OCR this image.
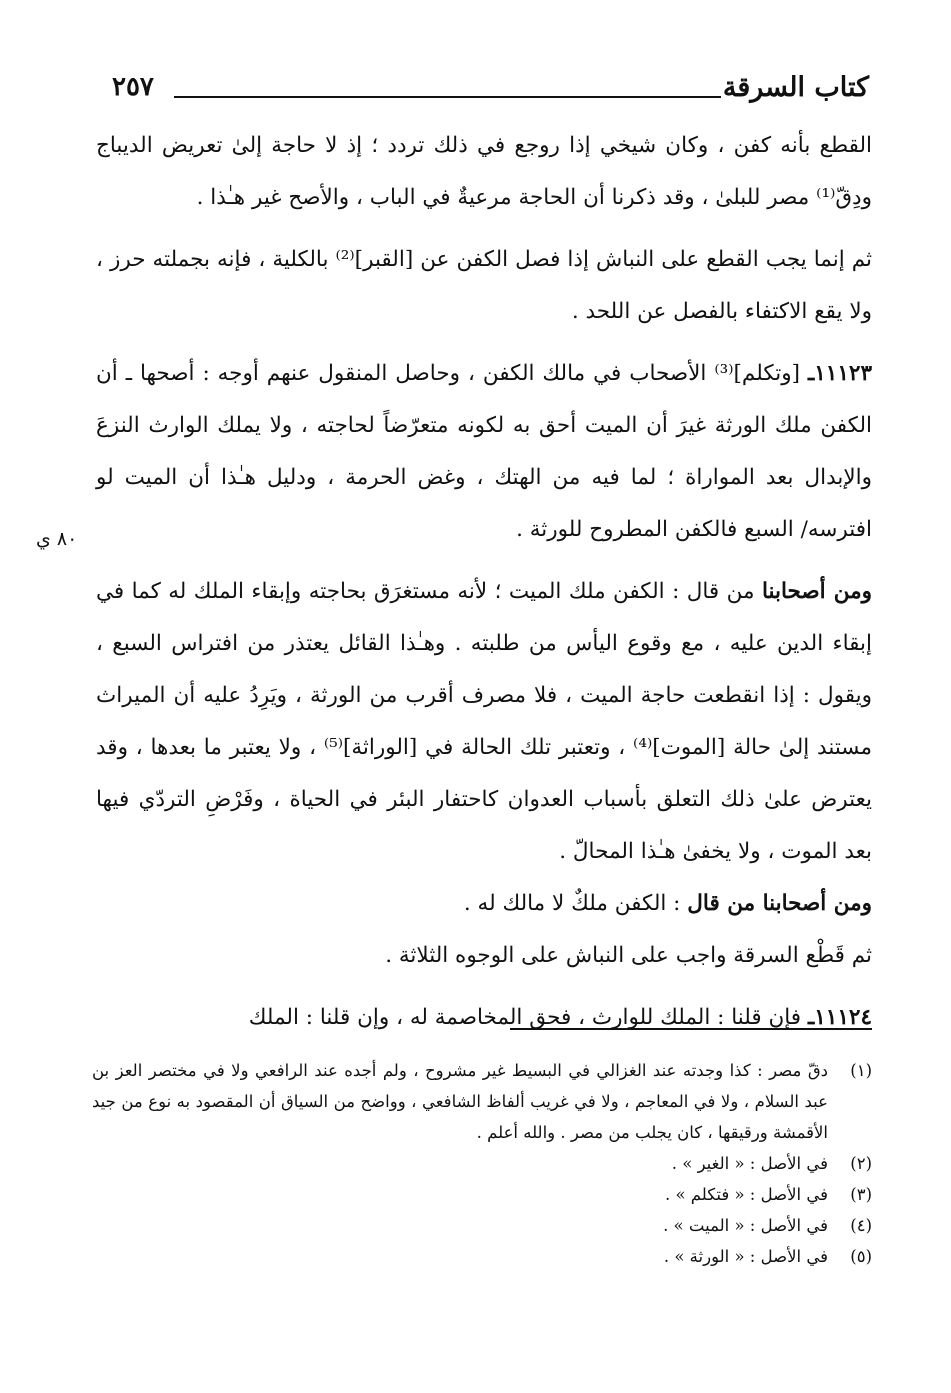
كتاب السرقة
٢٥٧
٨٠ ي

القطع بأنه كفن ، وكان شيخي إذا روجع في ذلك تردد ؛ إذ لا حاجة إلىٰ تعريض الديباج ودِقّ⁽¹⁾ مصر للبلىٰ ، وقد ذكرنا أن الحاجة مرعيةٌ في الباب ، والأصح غير هـٰذا .

ثم إنما يجب القطع على النباش إذا فصل الكفن عن [القبر]⁽²⁾ بالكلية ، فإنه بجملته حرز ، ولا يقع الاكتفاء بالفصل عن اللحد .

١١١٢٣ـ [وتكلم]⁽³⁾ الأصحاب في مالك الكفن ، وحاصل المنقول عنهم أوجه : أصحها ـ أن الكفن ملك الورثة غيرَ أن الميت أحق به لكونه متعرّضاً لحاجته ، ولا يملك الوارث النزعَ والإبدال بعد المواراة ؛ لما فيه من الهتك ، وغض الحرمة ، ودليل هـٰذا أن الميت لو افترسه/ السبع فالكفن المطروح للورثة .

ومن أصحابنا من قال : الكفن ملك الميت ؛ لأنه مستغرَق بحاجته وإبقاء الملك له كما في إبقاء الدين عليه ، مع وقوع اليأس من طلبته . وهـٰذا القائل يعتذر من افتراس السبع ، ويقول : إذا انقطعت حاجة الميت ، فلا مصرف أقرب من الورثة ، ويَرِدُ عليه أن الميراث مستند إلىٰ حالة [الموت]⁽⁴⁾ ، وتعتبر تلك الحالة في [الوراثة]⁽⁵⁾ ، ولا يعتبر ما بعدها ، وقد يعترض علىٰ ذلك التعلق بأسباب العدوان كاحتفار البئر في الحياة ، وفَرْضِ التردّي فيها بعد الموت ، ولا يخفىٰ هـٰذا المحالّ .

ومن أصحابنا من قال : الكفن ملكٌ لا مالك له .

ثم قَطْع السرقة واجب على النباش على الوجوه الثلاثة .

١١١٢٤ـ فإن قلنا : الملك للوارث ، فحق المخاصمة له ، وإن قلنا : الملك

(١)
دقّ مصر : كذا وجدته عند الغزالي في البسيط غير مشروح ، ولم أجده عند الرافعي ولا في مختصر العز بن عبد السلام ، ولا في المعاجم ، ولا في غريب ألفاظ الشافعي ، وواضح من السياق أن المقصود به نوع من جيد الأقمشة ورقيقها ، كان يجلب من مصر . والله أعلم .
(٢)
في الأصل : « الغير » .
(٣)
في الأصل : « فتكلم » .
(٤)
في الأصل : « الميت » .
(٥)
في الأصل : « الورثة » .
